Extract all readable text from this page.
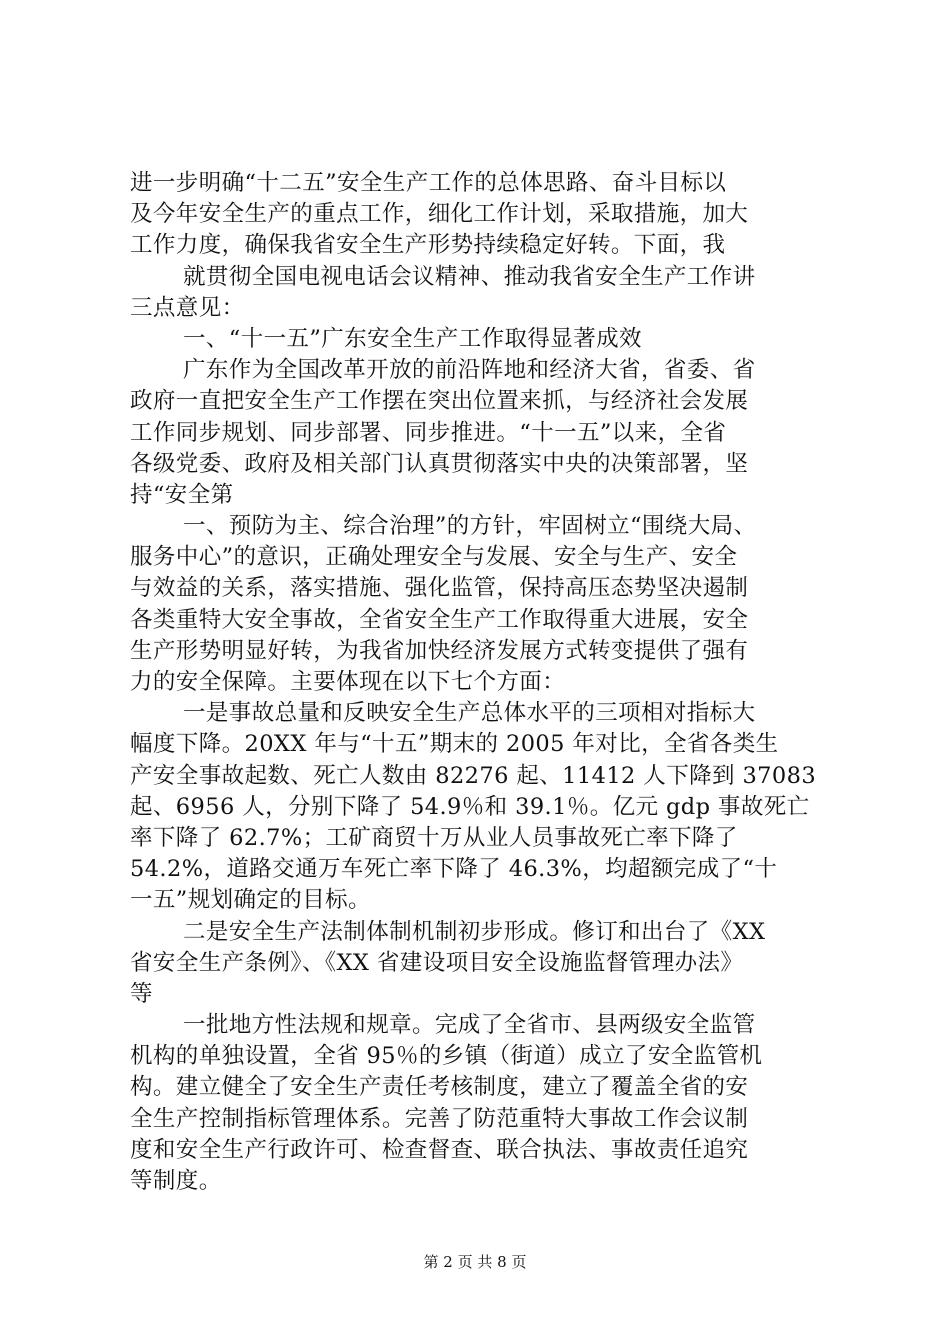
进一步明确“十二五”安全生产工作的总体思路、奋斗目标以
及今年安全生产的重点工作，细化工作计划，采取措施，加大
工作力度，确保我省安全生产形势持续稳定好转。下面，我
就贯彻全国电视电话会议精神、推动我省安全生产工作讲
三点意见：
一、“十一五”广东安全生产工作取得显著成效
广东作为全国改革开放的前沿阵地和经济大省，省委、省
政府一直把安全生产工作摆在突出位置来抓，与经济社会发展
工作同步规划、同步部署、同步推进。“十一五”以来，全省
各级党委、政府及相关部门认真贯彻落实中央的决策部署，坚
持“安全第
一、预防为主、综合治理”的方针，牢固树立“围绕大局、
服务中心”的意识，正确处理安全与发展、安全与生产、安全
与效益的关系，落实措施、强化监管，保持高压态势坚决遏制
各类重特大安全事故，全省安全生产工作取得重大进展，安全
生产形势明显好转，为我省加快经济发展方式转变提供了强有
力的安全保障。主要体现在以下七个方面：
一是事故总量和反映安全生产总体水平的三项相对指标大
幅度下降。20XX 年与“十五”期末的 2005 年对比，全省各类生
产安全事故起数、死亡人数由 82276 起、11412 人下降到 37083
起、6956 人，分别下降了 54.9％和 39.1％。亿元 gdp 事故死亡
率下降了 62.7%；工矿商贸十万从业人员事故死亡率下降了
54.2%，道路交通万车死亡率下降了 46.3%，均超额完成了“十
一五”规划确定的目标。
二是安全生产法制体制机制初步形成。修订和出台了《XX
省安全生产条例》、《XX 省建设项目安全设施监督管理办法》
等
一批地方性法规和规章。完成了全省市、县两级安全监管
机构的单独设置，全省 95％的乡镇（街道）成立了安全监管机
构。建立健全了安全生产责任考核制度，建立了覆盖全省的安
全生产控制指标管理体系。完善了防范重特大事故工作会议制
度和安全生产行政许可、检查督查、联合执法、事故责任追究
等制度。
第 2 页 共 8 页
